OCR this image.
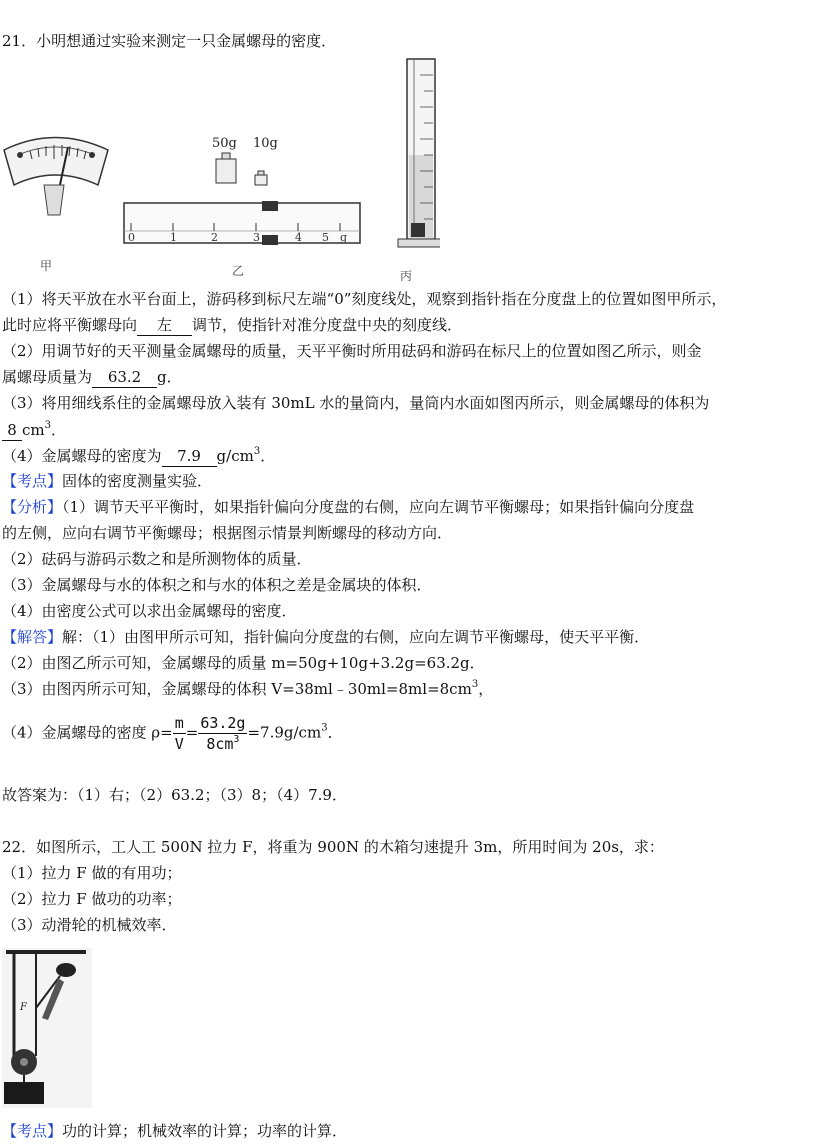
21．小明想通过实验来测定一只金属螺母的密度．
甲
50g 10g
0	1	2	3	4 5 g
乙	丙
（1）将天平放在水平台面上，游码移到标尺左端“0”刻度线处，观察到指针指在分度盘上的位置如图甲所示，
此时应将平衡螺母向 左 调节，使指针对准分度盘中央的刻度线．
（2）用调节好的天平测量金属螺母的质量，天平平衡时所用砝码和游码在标尺上的位置如图乙所示，则金
属螺母质量为 63.2 g．
（3）将用细线系住的金属螺母放入装有 30mL 水的量筒内，量筒内水面如图丙所示，则金属螺母的体积为
8 $cm^3$．
（4）金属螺母的密度为 7.9 $g/cm^3$．
【考点】固体的密度测量实验．
【分析】（1）调节天平平衡时，如果指针偏向分度盘的右侧，应向左调节平衡螺母；如果指针偏向分度盘
的左侧，应向右调节平衡螺母；根据图示情景判断螺母的移动方向．
（2）砝码与游码示数之和是所测物体的质量．
（3）金属螺母与水的体积之和与水的体积之差是金属块的体积．
（4）由密度公式可以求出金属螺母的密度．
【解答】解：（1）由图甲所示可知，指针偏向分度盘的右侧，应向左调节平衡螺母，使天平平衡．
（2）由图乙所示可知，金属螺母的质量 m=50g+10g+3.2g=63.2g．
（3）由图丙所示可知，金属螺母的体积 $V=38ml﹣30ml=8ml=8cm^3$，
（4）金属螺母的密度 $\rho= \frac{m}{V} = \frac{63.2g}{8cm^3} =7.9g/cm^3$．
故答案为：（1）右；（2）63.2；（3）8；（4）7.9．
22．如图所示，工人工 500N 拉力 F，将重为 900N 的木箱匀速提升 3m，所用时间为 20s，求：
（1）拉力 F 做的有用功；
（2）拉力 F 做功的功率；
（3）动滑轮的机械效率．
F
【考点】功的计算；机械效率的计算；功率的计算．
